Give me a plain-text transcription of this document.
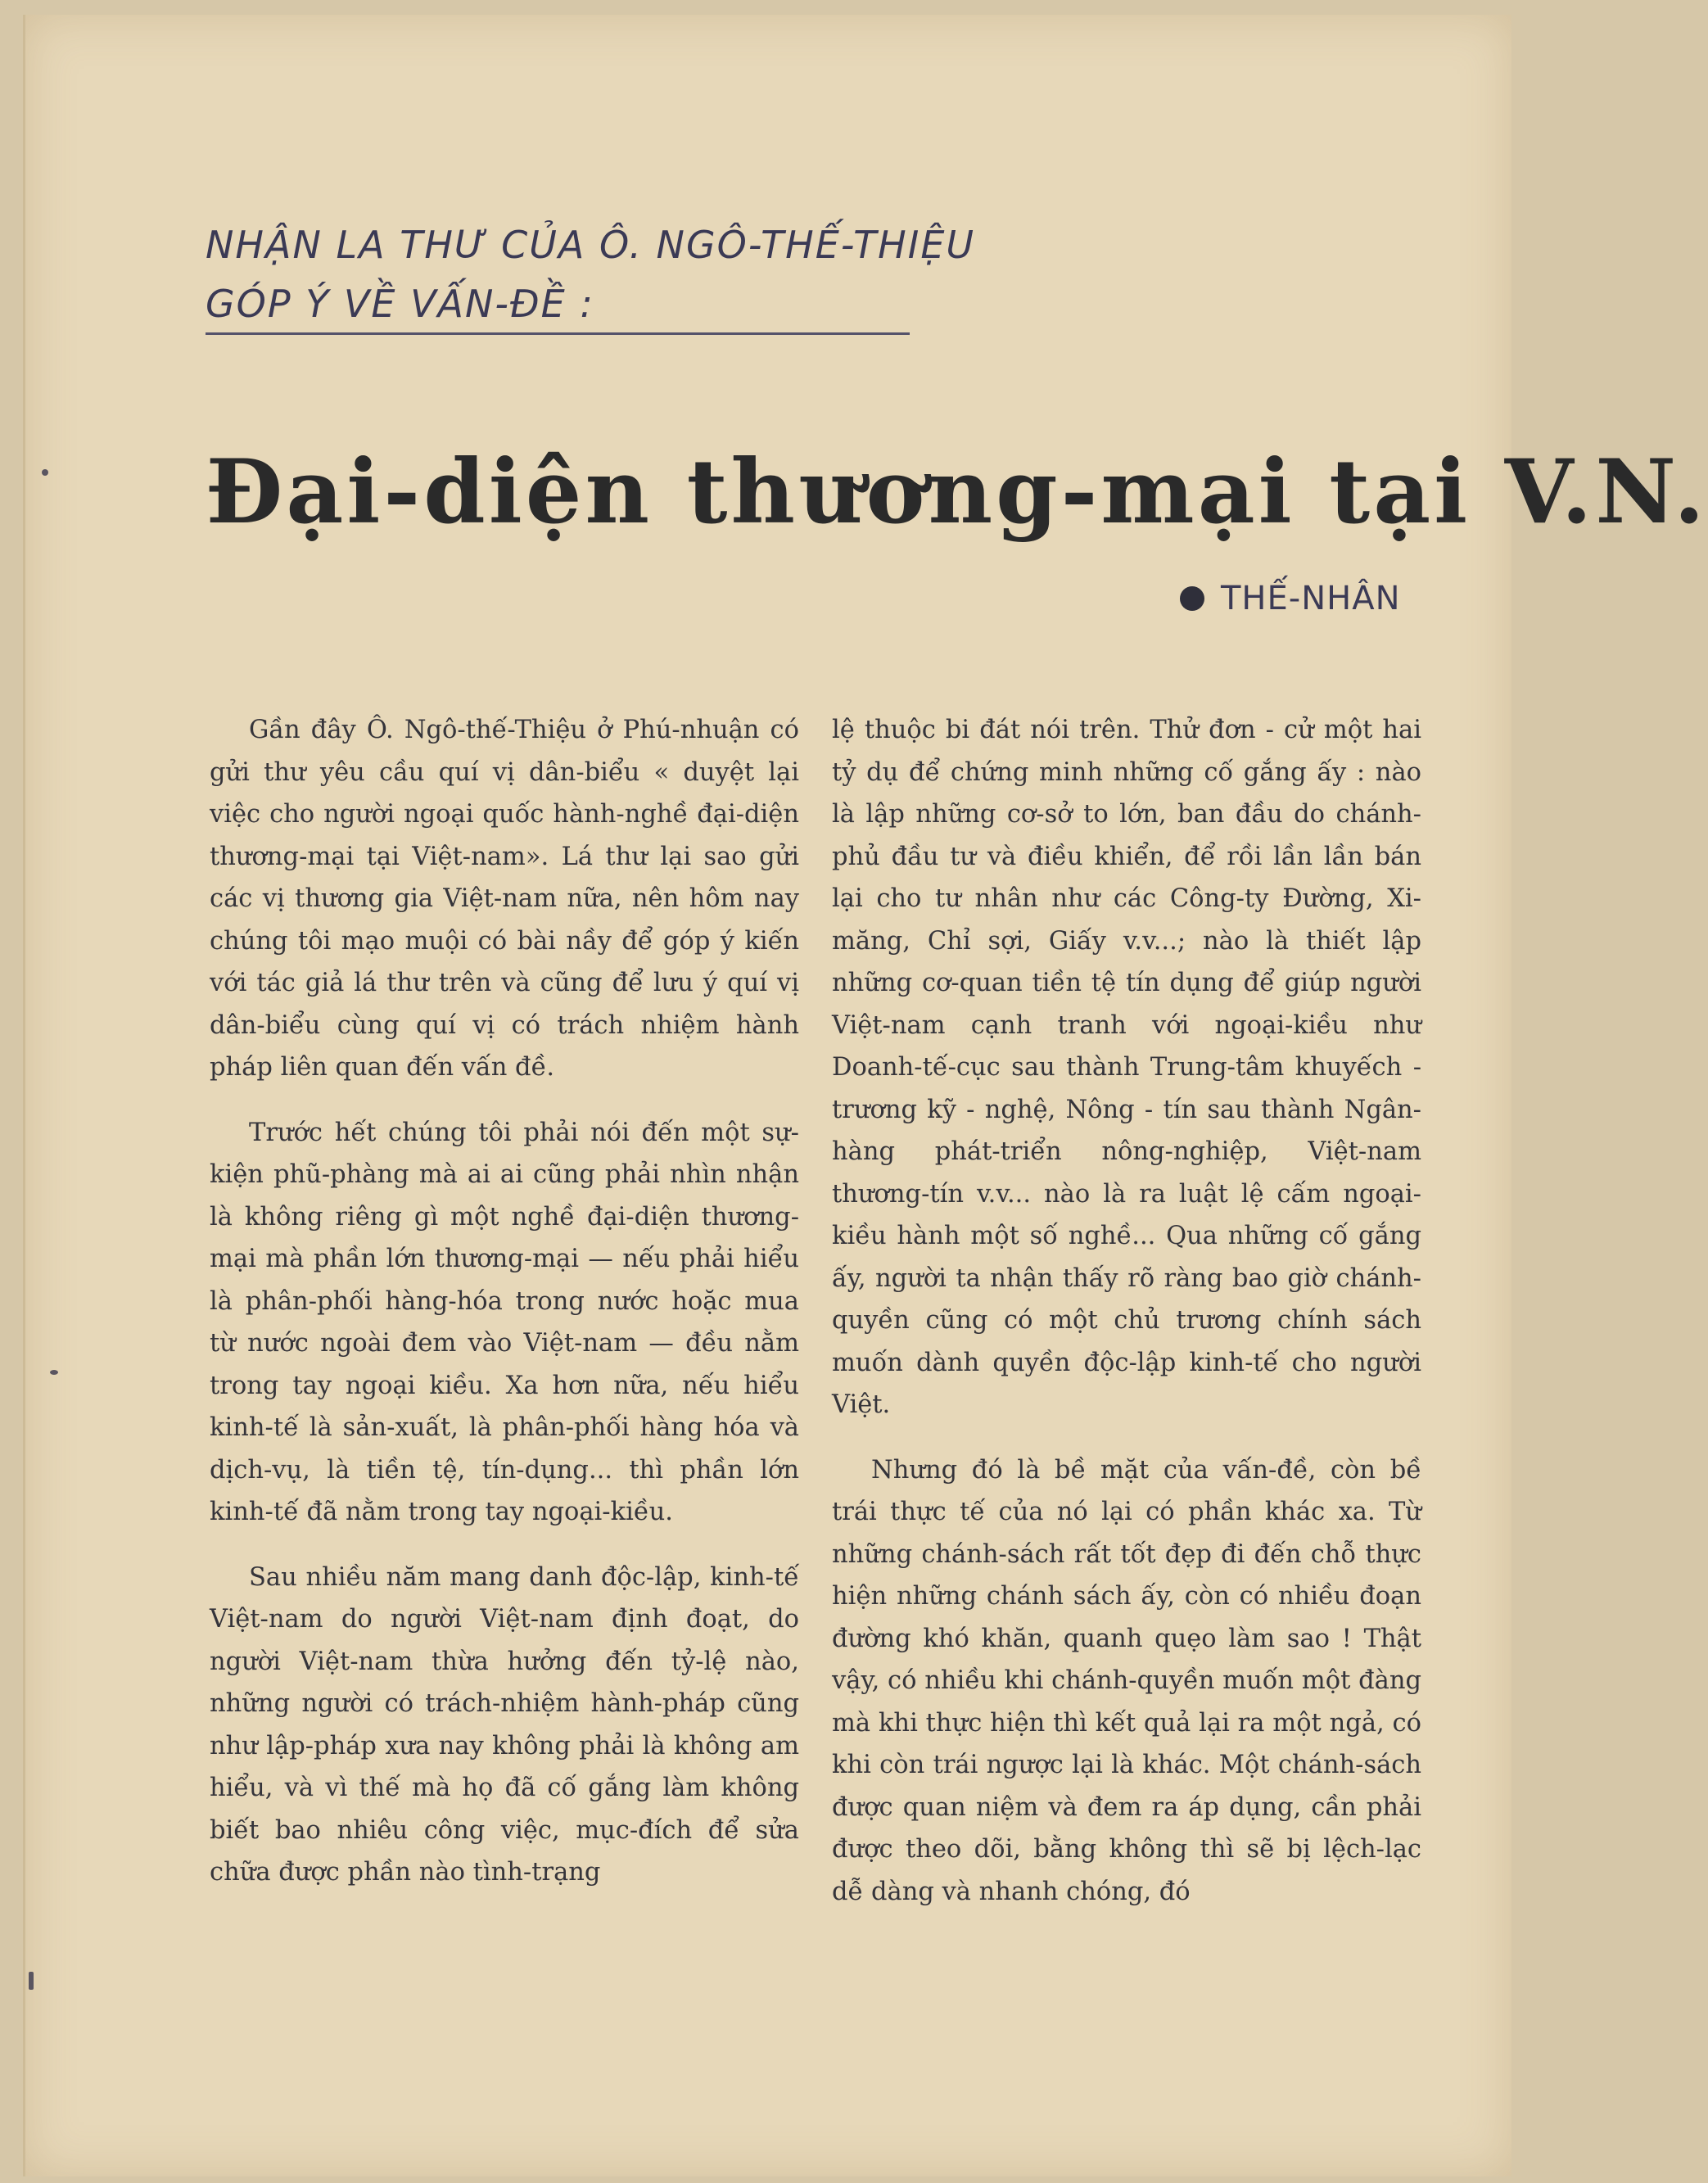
NHẬN LA THƯ CỦA Ô. NGÔ-THẾ-THIỆU
GÓP Ý VỀ VẤN-ĐỀ :
Đại-diện thương-mại tại V.N.
THẾ-NHÂN

Gần đây Ô. Ngô-thế-Thiệu ở Phú-nhuận có gửi thư yêu cầu quí vị dân-biểu « duyệt lại việc cho người ngoại quốc hành-nghề đại-diện thương-mại tại Việt-nam». Lá thư lại sao gửi các vị thương gia Việt-nam nữa, nên hôm nay chúng tôi mạo muội có bài nầy để góp ý kiến với tác giả lá thư trên và cũng để lưu ý quí vị dân-biểu cùng quí vị có trách nhiệm hành pháp liên quan đến vấn đề.

Trước hết chúng tôi phải nói đến một sự-kiện phũ-phàng mà ai ai cũng phải nhìn nhận là không riêng gì một nghề đại-diện thương-mại mà phần lớn thương-mại — nếu phải hiểu là phân-phối hàng-hóa trong nước hoặc mua từ nước ngoài đem vào Việt-nam — đều nằm trong tay ngoại kiều. Xa hơn nữa, nếu hiểu kinh-tế là sản-xuất, là phân-phối hàng hóa và dịch-vụ, là tiền tệ, tín-dụng... thì phần lớn kinh-tế đã nằm trong tay ngoại-kiều.

Sau nhiều năm mang danh độc-lập, kinh-tế Việt-nam do người Việt-nam định đoạt, do người Việt-nam thừa hưởng đến tỷ-lệ nào, những người có trách-nhiệm hành-pháp cũng như lập-pháp xưa nay không phải là không am hiểu, và vì thế mà họ đã cố gắng làm không biết bao nhiêu công việc, mục-đích để sửa chữa được phần nào tình-trạng

lệ thuộc bi đát nói trên. Thử đơn - cử một hai tỷ dụ để chứng minh những cố gắng ấy : nào là lập những cơ-sở to lớn, ban đầu do chánh-phủ đầu tư và điều khiển, để rồi lần lần bán lại cho tư nhân như các Công-ty Đường, Xi-măng, Chỉ sợi, Giấy v.v...; nào là thiết lập những cơ-quan tiền tệ tín dụng để giúp người Việt-nam cạnh tranh với ngoại-kiều như Doanh-tế-cục sau thành Trung-tâm khuyếch - trương kỹ - nghệ, Nông - tín sau thành Ngân-hàng phát-triển nông-nghiệp, Việt-nam thương-tín v.v... nào là ra luật lệ cấm ngoại-kiều hành một số nghề... Qua những cố gắng ấy, người ta nhận thấy rõ ràng bao giờ chánh-quyền cũng có một chủ trương chính sách muốn dành quyền độc-lập kinh-tế cho người Việt.

Nhưng đó là bề mặt của vấn-đề, còn bề trái thực tế của nó lại có phần khác xa. Từ những chánh-sách rất tốt đẹp đi đến chỗ thực hiện những chánh sách ấy, còn có nhiều đoạn đường khó khăn, quanh quẹo làm sao ! Thật vậy, có nhiều khi chánh-quyền muốn một đàng mà khi thực hiện thì kết quả lại ra một ngả, có khi còn trái ngược lại là khác. Một chánh-sách được quan niệm và đem ra áp dụng, cần phải được theo dõi, bằng không thì sẽ bị lệch-lạc dễ dàng và nhanh chóng, đó
